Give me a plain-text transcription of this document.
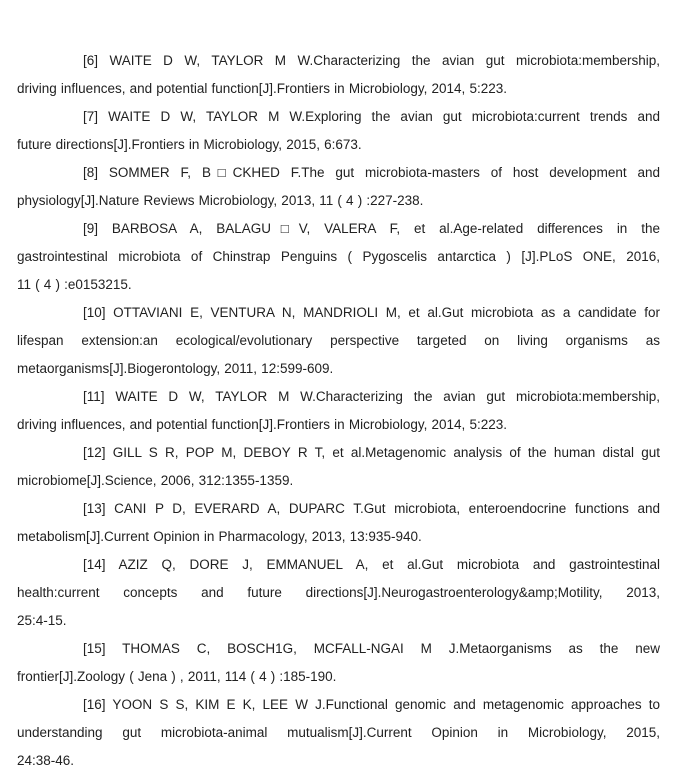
[6] WAITE D W, TAYLOR M W.Characterizing the avian gut microbiota:membership,
driving influences, and potential function[J].Frontiers in Microbiology, 2014, 5:223.
[7] WAITE D W, TAYLOR M W.Exploring the avian gut microbiota:current trends and
future directions[J].Frontiers in Microbiology, 2015, 6:673.
[8] SOMMER F, B□CKHED F.The gut microbiota-masters of host development and
physiology[J].Nature Reviews Microbiology, 2013, 11 ( 4 ) :227-238.
[9] BARBOSA A, BALAGU□V, VALERA F, et al.Age-related differences in the
gastrointestinal microbiota of Chinstrap Penguins ( Pygoscelis antarctica ) [J].PLoS ONE, 2016,
11 ( 4 ) :e0153215.
[10] OTTAVIANI E, VENTURA N, MANDRIOLI M, et al.Gut microbiota as a candidate for
lifespan extension:an ecological/evolutionary perspective targeted on living organisms as
metaorganisms[J].Biogerontology, 2011, 12:599-609.
[11] WAITE D W, TAYLOR M W.Characterizing the avian gut microbiota:membership,
driving influences, and potential function[J].Frontiers in Microbiology, 2014, 5:223.
[12] GILL S R, POP M, DEBOY R T, et al.Metagenomic analysis of the human distal gut
microbiome[J].Science, 2006, 312:1355-1359.
[13] CANI P D, EVERARD A, DUPARC T.Gut microbiota, enteroendocrine functions and
metabolism[J].Current Opinion in Pharmacology, 2013, 13:935-940.
[14] AZIZ Q, DORE J, EMMANUEL A, et al.Gut microbiota and gastrointestinal
health:current concepts and future directions[J].Neurogastroenterology&amp;Motility, 2013,
25:4-15.
[15] THOMAS C, BOSCH1G, MCFALL-NGAI M J.Metaorganisms as the new
frontier[J].Zoology ( Jena ) , 2011, 114 ( 4 ) :185-190.
[16] YOON S S, KIM E K, LEE W J.Functional genomic and metagenomic approaches to
understanding gut microbiota-animal mutualism[J].Current Opinion in Microbiology, 2015,
24:38-46.
